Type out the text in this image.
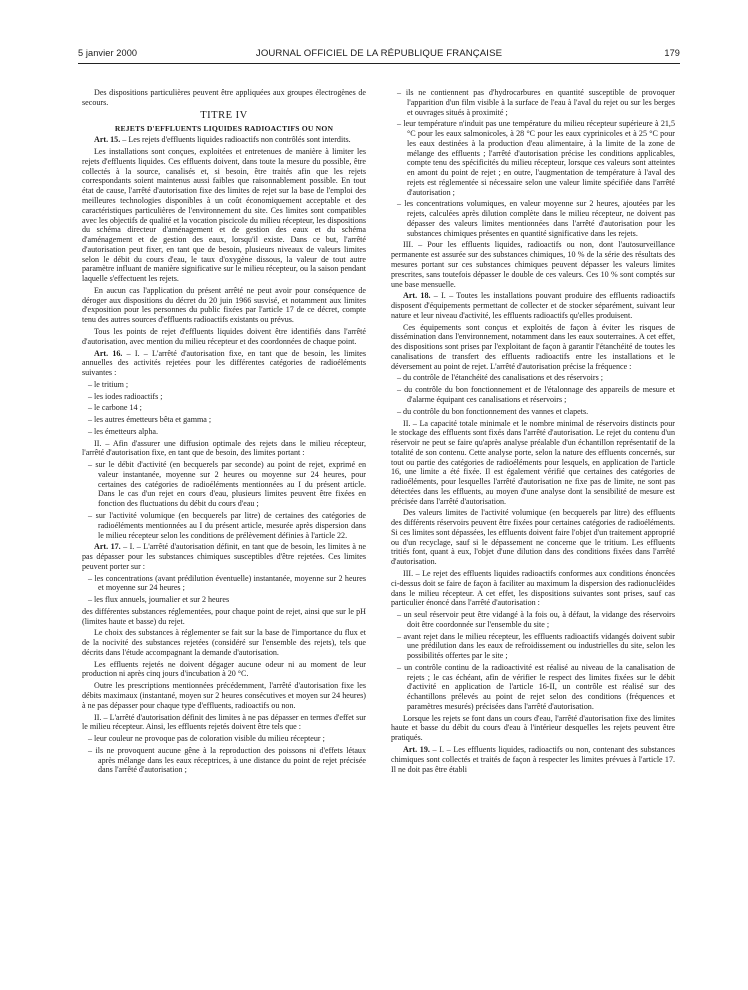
5 janvier 2000	JOURNAL OFFICIEL DE LA RÉPUBLIQUE FRANÇAISE	179

Des dispositions particulières peuvent être appliquées aux groupes électrogènes de secours.

TITRE IV

REJETS D'EFFLUENTS LIQUIDES RADIOACTIFS OU NON

Art. 15. – Les rejets d'effluents liquides radioactifs non contrôlés sont interdits.

Les installations sont conçues, exploitées et entretenues de manière à limiter les rejets d'effluents liquides. Ces effluents doivent, dans toute la mesure du possible, être collectés à la source, canalisés et, si besoin, être traités afin que les rejets correspondants soient maintenus aussi faibles que raisonnablement possible. En tout état de cause, l'arrêté d'autorisation fixe des limites de rejet sur la base de l'emploi des meilleures technologies disponibles à un coût économiquement acceptable et des caractéristiques particulières de l'environnement du site. Ces limites sont compatibles avec les objectifs de qualité et la vocation piscicole du milieu récepteur, les dispositions du schéma directeur d'aménagement et de gestion des eaux et du schéma d'aménagement et de gestion des eaux, lorsqu'il existe. Dans ce but, l'arrêté d'autorisation peut fixer, en tant que de besoin, plusieurs niveaux de valeurs limites selon le débit du cours d'eau, le taux d'oxygène dissous, la valeur de tout autre paramètre influant de manière significative sur le milieu récepteur, ou la saison pendant laquelle s'effectuent les rejets.

En aucun cas l'application du présent arrêté ne peut avoir pour conséquence de déroger aux dispositions du décret du 20 juin 1966 susvisé, et notamment aux limites d'exposition pour les personnes du public fixées par l'article 17 de ce décret, compte tenu des autres sources d'effluents radioactifs existants ou prévus.

Tous les points de rejet d'effluents liquides doivent être identifiés dans l'arrêté d'autorisation, avec mention du milieu récepteur et des coordonnées de chaque point.

Art. 16. – I. – L'arrêté d'autorisation fixe, en tant que de besoin, les limites annuelles des activités rejetées pour les différentes catégories de radioéléments suivantes :

– le tritium ;

– les iodes radioactifs ;

– le carbone 14 ;

– les autres émetteurs bêta et gamma ;

– les émetteurs alpha.

II. – Afin d'assurer une diffusion optimale des rejets dans le milieu récepteur, l'arrêté d'autorisation fixe, en tant que de besoin, des limites portant :

– sur le débit d'activité (en becquerels par seconde) au point de rejet, exprimé en valeur instantanée, moyenne sur 2 heures ou moyenne sur 24 heures, pour certaines des catégories de radioéléments mentionnées au I du présent article. Dans le cas d'un rejet en cours d'eau, plusieurs limites peuvent être fixées en fonction des fluctuations du débit du cours d'eau ;

– sur l'activité volumique (en becquerels par litre) de certaines des catégories de radioéléments mentionnées au I du présent article, mesurée après dispersion dans le milieu récepteur selon les conditions de prélèvement définies à l'article 22.

Art. 17. – I. – L'arrêté d'autorisation définit, en tant que de besoin, les limites à ne pas dépasser pour les substances chimiques susceptibles d'être rejetées. Ces limites peuvent porter sur :

– les concentrations (avant prédilution éventuelle) instantanée, moyenne sur 2 heures et moyenne sur 24 heures ;

– les flux annuels, journalier et sur 2 heures

des différentes substances réglementées, pour chaque point de rejet, ainsi que sur le pH (limites haute et basse) du rejet.

Le choix des substances à réglementer se fait sur la base de l'importance du flux et de la nocivité des substances rejetées (considéré sur l'ensemble des rejets), tels que décrits dans l'étude accompagnant la demande d'autorisation.

Les effluents rejetés ne doivent dégager aucune odeur ni au moment de leur production ni après cinq jours d'incubation à 20 °C.

Outre les prescriptions mentionnées précédemment, l'arrêté d'autorisation fixe les débits maximaux (instantané, moyen sur 2 heures consécutives et moyen sur 24 heures) à ne pas dépasser pour chaque type d'effluents, radioactifs ou non.

II. – L'arrêté d'autorisation définit des limites à ne pas dépasser en termes d'effet sur le milieu récepteur. Ainsi, les effluents rejetés doivent être tels que :

– leur couleur ne provoque pas de coloration visible du milieu récepteur ;

– ils ne provoquent aucune gêne à la reproduction des poissons ni d'effets létaux après mélange dans les eaux réceptrices, à une distance du point de rejet précisée dans l'arrêté d'autorisation ;

– ils ne contiennent pas d'hydrocarbures en quantité susceptible de provoquer l'apparition d'un film visible à la surface de l'eau à l'aval du rejet ou sur les berges et ouvrages situés à proximité ;

– leur température n'induit pas une température du milieu récepteur supérieure à 21,5 °C pour les eaux salmonicoles, à 28 °C pour les eaux cyprinicoles et à 25 °C pour les eaux destinées à la production d'eau alimentaire, à la limite de la zone de mélange des effluents ; l'arrêté d'autorisation précise les conditions applicables, compte tenu des spécificités du milieu récepteur, lorsque ces valeurs sont atteintes en amont du point de rejet ; en outre, l'augmentation de température à l'aval des rejets est réglementée si nécessaire selon une valeur limite spécifiée dans l'arrêté d'autorisation ;

– les concentrations volumiques, en valeur moyenne sur 2 heures, ajoutées par les rejets, calculées après dilution complète dans le milieu récepteur, ne doivent pas dépasser des valeurs limites mentionnées dans l'arrêté d'autorisation pour les substances chimiques présentes en quantité significative dans les rejets.

III. – Pour les effluents liquides, radioactifs ou non, dont l'autosurveillance permanente est assurée sur des substances chimiques, 10 % de la série des résultats des mesures portant sur ces substances chimiques peuvent dépasser les valeurs limites prescrites, sans toutefois dépasser le double de ces valeurs. Ces 10 % sont comptés sur une base mensuelle.

Art. 18. – I. – Toutes les installations pouvant produire des effluents radioactifs disposent d'équipements permettant de collecter et de stocker séparément, suivant leur nature et leur niveau d'activité, les effluents radioactifs qu'elles produisent.

Ces équipements sont conçus et exploités de façon à éviter les risques de dissémination dans l'environnement, notamment dans les eaux souterraines. A cet effet, des dispositions sont prises par l'exploitant de façon à garantir l'étanchéité de toutes les canalisations de transfert des effluents radioactifs entre les installations et le déversement au point de rejet. L'arrêté d'autorisation précise la fréquence :

– du contrôle de l'étanchéité des canalisations et des réservoirs ;

– du contrôle du bon fonctionnement et de l'étalonnage des appareils de mesure et d'alarme équipant ces canalisations et réservoirs ;

– du contrôle du bon fonctionnement des vannes et clapets.

II. – La capacité totale minimale et le nombre minimal de réservoirs distincts pour le stockage des effluents sont fixés dans l'arrêté d'autorisation. Le rejet du contenu d'un réservoir ne peut se faire qu'après analyse préalable d'un échantillon représentatif de la totalité de son contenu. Cette analyse porte, selon la nature des effluents concernés, sur tout ou partie des catégories de radioéléments pour lesquels, en application de l'article 16, une limite a été fixée. Il est également vérifié que certaines des catégories de radioéléments, pour lesquelles l'arrêté d'autorisation ne fixe pas de limite, ne sont pas détectées dans les effluents, au moyen d'une analyse dont la sensibilité de mesure est précisée dans l'arrêté d'autorisation.

Des valeurs limites de l'activité volumique (en becquerels par litre) des effluents des différents réservoirs peuvent être fixées pour certaines catégories de radioéléments. Si ces limites sont dépassées, les effluents doivent faire l'objet d'un traitement approprié ou d'un recyclage, sauf si le dépassement ne concerne que le tritium. Les effluents tritiés font, quant à eux, l'objet d'une dilution dans des conditions fixées dans l'arrêté d'autorisation.

III. – Le rejet des effluents liquides radioactifs conformes aux conditions énoncées ci-dessus doit se faire de façon à faciliter au maximum la dispersion des radionucléides dans le milieu récepteur. A cet effet, les dispositions suivantes sont prises, sauf cas particulier énoncé dans l'arrêté d'autorisation :

– un seul réservoir peut être vidangé à la fois ou, à défaut, la vidange des réservoirs doit être coordonnée sur l'ensemble du site ;

– avant rejet dans le milieu récepteur, les effluents radioactifs vidangés doivent subir une prédilution dans les eaux de refroidissement ou industrielles du site, selon les possibilités offertes par le site ;

– un contrôle continu de la radioactivité est réalisé au niveau de la canalisation de rejets ; le cas échéant, afin de vérifier le respect des limites fixées sur le débit d'activité en application de l'article 16-II, un contrôle est réalisé sur des échantillons prélevés au point de rejet selon des conditions (fréquences et paramètres mesurés) précisées dans l'arrêté d'autorisation.

Lorsque les rejets se font dans un cours d'eau, l'arrêté d'autorisation fixe des limites haute et basse du débit du cours d'eau à l'intérieur desquelles les rejets peuvent être pratiqués.

Art. 19. – I. – Les effluents liquides, radioactifs ou non, contenant des substances chimiques sont collectés et traités de façon à respecter les limites prévues à l'article 17. Il ne doit pas être établi
